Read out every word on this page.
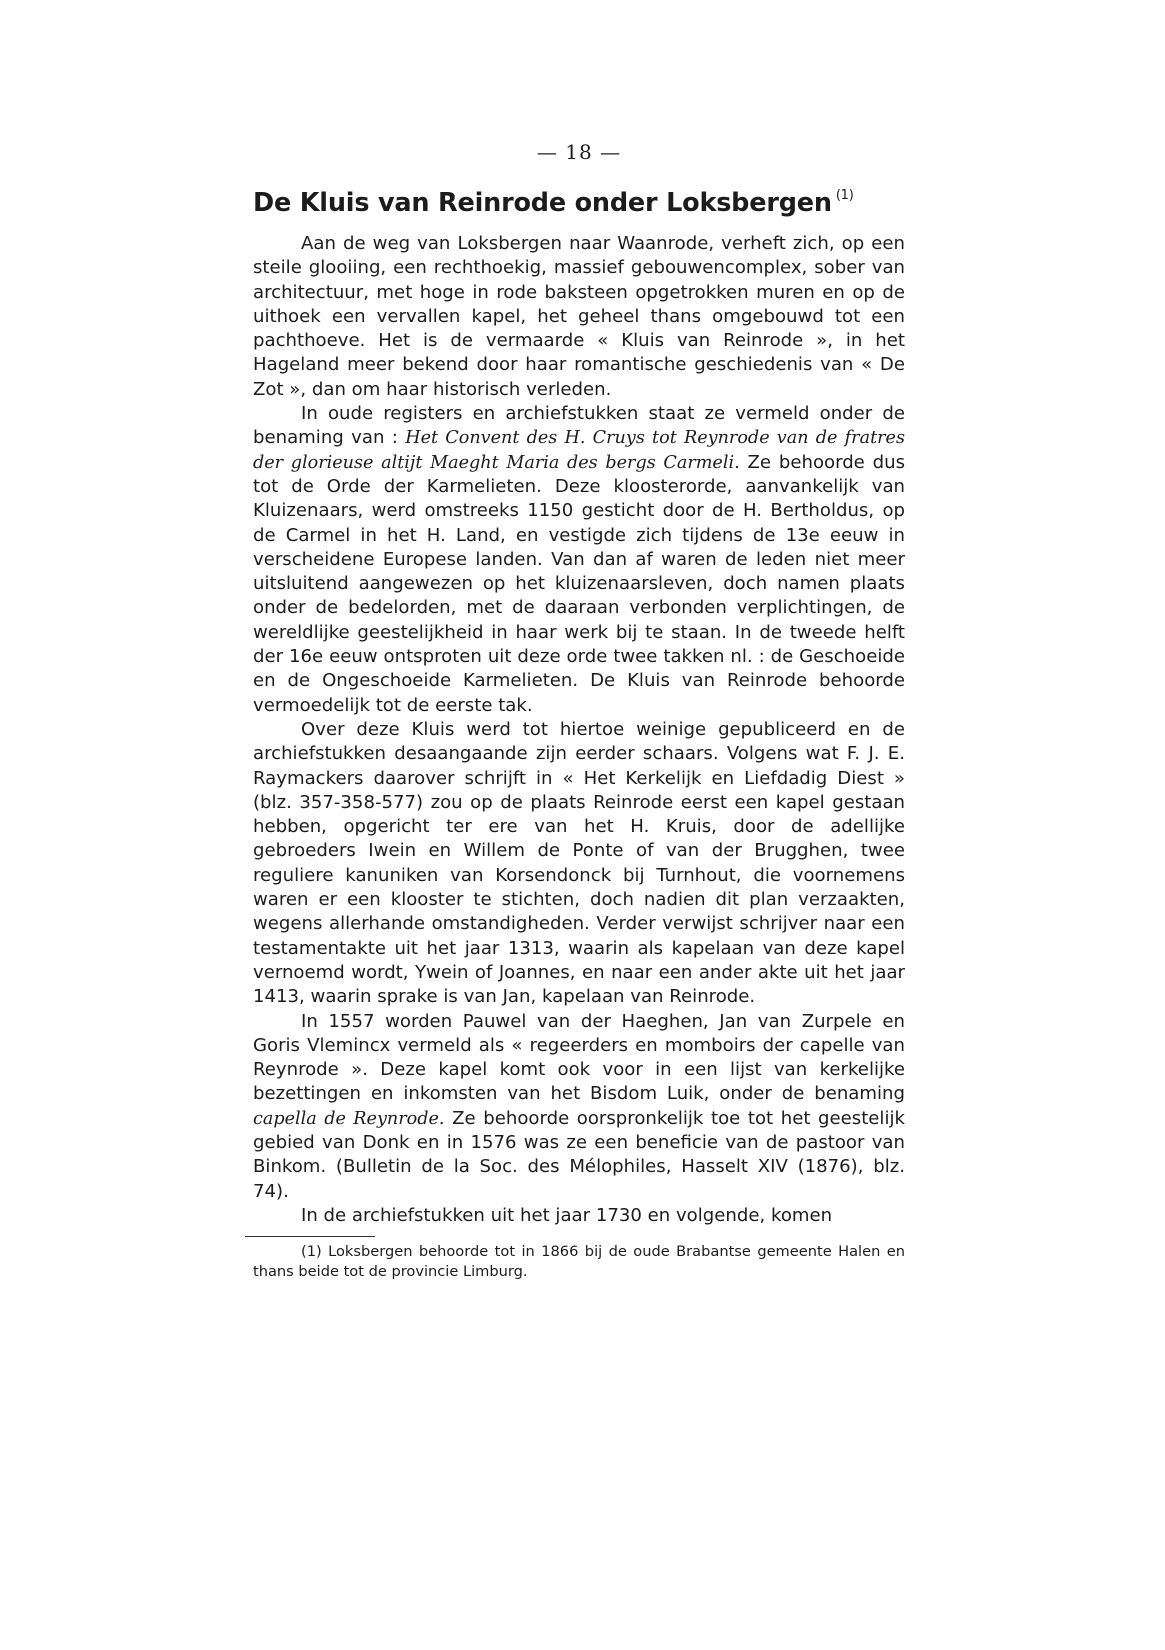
— 18 —
De Kluis van Reinrode onder Loksbergen $^{(1)}$

Aan de weg van Loksbergen naar Waanrode, verheft zich, op een steile glooiing, een rechthoekig, massief gebouwencomplex, sober van architectuur, met hoge in rode baksteen opgetrokken muren en op de uithoek een vervallen kapel, het geheel thans omgebouwd tot een pachthoeve. Het is de vermaarde « Kluis van Reinrode », in het Hageland meer bekend door haar romantische geschiedenis van « De Zot », dan om haar historisch verleden.

In oude registers en archiefstukken staat ze vermeld onder de benaming van : Het Convent des H. Cruys tot Reynrode van de fratres der glorieuse altijt Maeght Maria des bergs Carmeli. Ze behoorde dus tot de Orde der Karmelieten. Deze kloosterorde, aanvankelijk van Kluizenaars, werd omstreeks 1150 gesticht door de H. Bertholdus, op de Carmel in het H. Land, en vestigde zich tijdens de 13e eeuw in verscheidene Europese landen. Van dan af waren de leden niet meer uitsluitend aangewezen op het kluizenaarsleven, doch namen plaats onder de bedelorden, met de daaraan verbonden verplichtingen, de wereldlijke geestelijkheid in haar werk bij te staan. In de tweede helft der 16e eeuw ontsproten uit deze orde twee takken nl. : de Geschoeide en de Ongeschoeide Karmelieten. De Kluis van Reinrode behoorde vermoedelijk tot de eerste tak.

Over deze Kluis werd tot hiertoe weinige gepubliceerd en de archiefstukken desaangaande zijn eerder schaars. Volgens wat F. J. E. Raymackers daarover schrijft in « Het Kerkelijk en Liefdadig Diest » (blz. 357-358-577) zou op de plaats Reinrode eerst een kapel gestaan hebben, opgericht ter ere van het H. Kruis, door de adellijke gebroeders Iwein en Willem de Ponte of van der Brugghen, twee reguliere kanuniken van Korsendonck bij Turnhout, die voornemens waren er een klooster te stichten, doch nadien dit plan verzaakten, wegens allerhande omstandigheden. Verder verwijst schrijver naar een testamentakte uit het jaar 1313, waarin als kapelaan van deze kapel vernoemd wordt, Ywein of Joannes, en naar een ander akte uit het jaar 1413, waarin sprake is van Jan, kapelaan van Reinrode.

In 1557 worden Pauwel van der Haeghen, Jan van Zurpele en Goris Vlemincx vermeld als « regeerders en momboirs der capelle van Reynrode ». Deze kapel komt ook voor in een lijst van kerkelijke bezettingen en inkomsten van het Bisdom Luik, onder de benaming capella de Reynrode. Ze behoorde oorspronkelijk toe tot het geestelijk gebied van Donk en in 1576 was ze een beneficie van de pastoor van Binkom. (Bulletin de la Soc. des Mélophiles, Hasselt XIV (1876), blz. 74).

In de archiefstukken uit het jaar 1730 en volgende, komen

(1) Loksbergen behoorde tot in 1866 bij de oude Brabantse gemeente Halen en thans beide tot de provincie Limburg.
